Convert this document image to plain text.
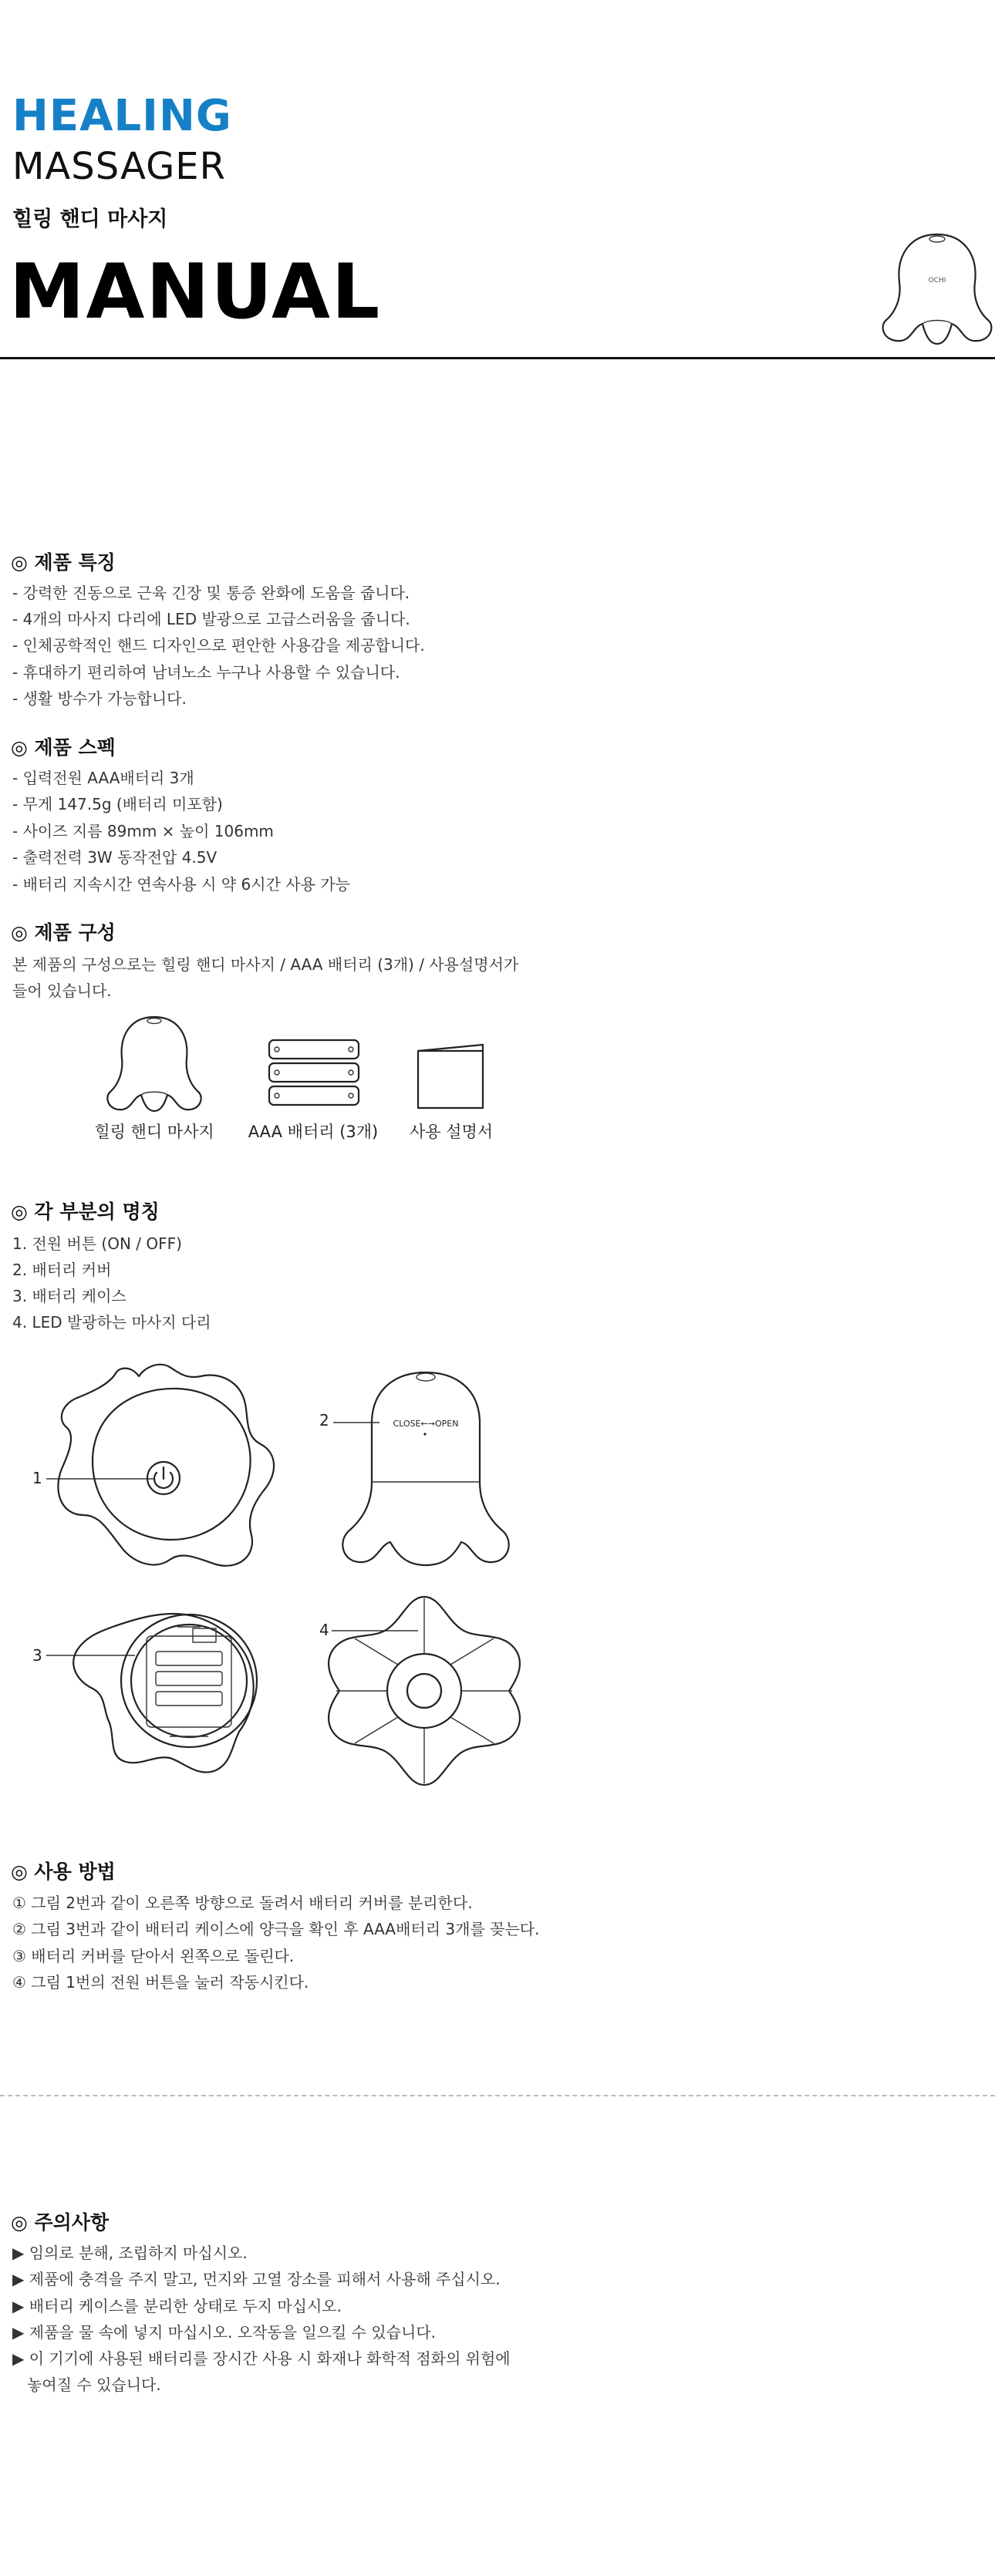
HEALING
MASSAGER
힐링 핸디 마사지
MANUAL	OCHI
◎ 제품 특징
- 강력한 진동으로 근육 긴장 및 통증 완화에 도움을 줍니다.
- 4개의 마사지 다리에 LED 발광으로 고급스러움을 줍니다.
- 인체공학적인 핸드 디자인으로 편안한 사용감을 제공합니다.
- 휴대하기 편리하여 남녀노소 누구나 사용할 수 있습니다.
- 생활 방수가 가능합니다.
◎ 제품 스펙
- 입력전원 AAA배터리 3개
- 무게 147.5g (배터리 미포함)
- 사이즈 지름 89mm × 높이 106mm
- 출력전력 3W 동작전압 4.5V
- 배터리 지속시간 연속사용 시 약 6시간 사용 가능
◎ 제품 구성
본 제품의 구성으로는 힐링 핸디 마사지 / AAA 배터리 (3개) / 사용설명서가
들어 있습니다.
힐링 핸디 마사지	AAA 배터리 (3개)	사용 설명서
◎ 각 부분의 명칭
1. 전원 버튼 (ON / OFF)
2. 배터리 커버
3. 배터리 케이스
4. LED 발광하는 마사지 다리
1
2	CLOSE←→OPEN
3
4
◎ 사용 방법
① 그림 2번과 같이 오른쪽 방향으로 돌려서 배터리 커버를 분리한다.
② 그림 3번과 같이 배터리 케이스에 양극을 확인 후 AAA배터리 3개를 꽂는다.
③ 배터리 커버를 닫아서 왼쪽으로 돌린다.
④ 그림 1번의 전원 버튼을 눌러 작동시킨다.
◎ 주의사항
▶ 임의로 분해, 조립하지 마십시오.
▶ 제품에 충격을 주지 말고, 먼지와 고열 장소를 피해서 사용해 주십시오.
▶ 배터리 케이스를 분리한 상태로 두지 마십시오.
▶ 제품을 물 속에 넣지 마십시오. 오작동을 일으킬 수 있습니다.
▶ 이 기기에 사용된 배터리를 장시간 사용 시 화재나 화학적 점화의 위험에
놓여질 수 있습니다.
